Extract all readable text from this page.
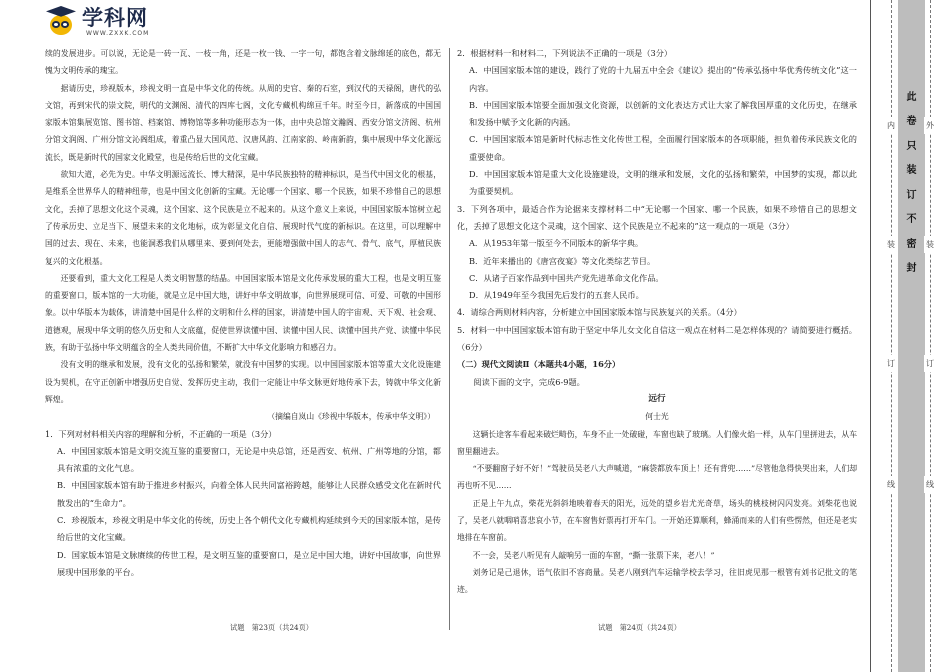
学科网
WWW.ZXXK.COM

续的发展进步。可以说，无论是一砖一瓦、一枝一角，还是一枚一钱、一字一句，都饱含着文脉绵延的底色，都无愧为文明传承的瑰宝。

据请历史，珍视版本，珍视文明一直是中华文化的传统。从周的史官、秦的石室，到汉代的天禄阁，唐代的弘文馆，再到宋代的崇文院，明代的文渊阁、清代的四库七阁，文化专藏机构绵亘千年。时至今日，新落成的中国国家版本馆集展览馆、图书馆、档案馆、博物馆等多种功能形态为一体，由中央总馆文瀚阁、西安分馆文济阁、杭州分馆文润阁、广州分馆文沁阁组成，着重凸显大国风范、汉唐风韵、江南家韵、岭南新韵，集中展现中华文化源远流长，既是新时代的国家文化殿堂，也是传给后世的文化宝藏。

欲知大道，必先为史。中华文明源远流长、博大精深，是中华民族独特的精神标识，是当代中国文化的根基，是维系全世界华人的精神纽带，也是中国文化创新的宝藏。无论哪一个国家、哪一个民族，如果不珍惜自己的思想文化，丢掉了思想文化这个灵魂，这个国家、这个民族是立不起来的。从这个意义上来说，中国国家版本馆树立起了传承历史、立足当下、展望未来的文化地标，成为彰显文化自信、展现时代气度的新标识。在这里，可以理解中国的过去、现在、未来，也能洞悉我们从哪里来、要到何处去，更能增强做中国人的志气、骨气、底气，厚植民族复兴的文化根基。

还要看到，重大文化工程是人类文明智慧的结晶。中国国家版本馆是文化传承发展的重大工程，也是文明互鉴的重要窗口，版本馆的一大功能，就是立足中国大地，讲好中华文明故事，向世界展现可信、可爱、可敬的中国形象。以中华版本为载体，讲清楚中国是什么样的文明和什么样的国家，讲清楚中国人的宇宙观、天下观、社会观、道德观，展现中华文明的悠久历史和人文底蕴，促使世界读懂中国、读懂中国人民、读懂中国共产党、读懂中华民族，有助于弘扬中华文明蕴含的全人类共同价值，不断扩大中华文化影响力和感召力。

没有文明的继承和发展，没有文化的弘扬和繁荣，就没有中国梦的实现。以中国国家版本馆等重大文化设施建设为契机，在守正创新中增强历史自觉、发挥历史主动，我们一定能让中华文脉更好地传承下去，铸就中华文化新辉煌。

（摘编自岚山《珍视中华版本，传承中华文明》）

1．下列对材料相关内容的理解和分析，不正确的一项是（3分）

A．中国国家版本馆是文明交流互鉴的重要窗口，无论是中央总馆，还是西安、杭州、广州等地的分馆，都具有浓重的文化气息。

B．中国国家版本馆有助于推进乡村振兴，向着全体人民共同富裕跨越，能够让人民群众感受文化在新时代散发出的“生命力”。

C．珍视版本，珍视文明是中华文化的传统，历史上各个朝代文化专藏机构延续到今天的国家版本馆，是传给后世的文化宝藏。

D．国家版本馆是文脉赓续的传世工程，是文明互鉴的重要窗口，是立足中国大地，讲好中国故事，向世界展现中国形象的平台。

2．根据材料一和材料二，下列说法不正确的一项是（3分）

A．中国国家版本馆的建设，践行了党的十九届五中全会《建议》提出的“传承弘扬中华优秀传统文化”这一内容。

B．中国国家版本馆要全面加强文化资源，以创新的文化表达方式让大家了解我国厚重的文化历史，在继承和发扬中赋予文化新的内涵。

C．中国国家版本馆是新时代标志性文化传世工程，全面履行国家版本的各项职能，担负着传承民族文化的重要使命。

D．中国国家版本馆是重大文化设施建设，文明的继承和发展，文化的弘扬和繁荣，中国梦的实现，都以此为重要契机。

3．下列各项中，最适合作为论据来支撑材料二中“无论哪一个国家、哪一个民族，如果不珍惜自己的思想文化，丢掉了思想文化这个灵魂，这个国家、这个民族是立不起来的”这一观点的一项是（3分）

A．从1953年第一版至今不同版本的新华字典。

B．近年来播出的《唐宫夜宴》等文化类综艺节目。

C．从诸子百家作品到中国共产党先进革命文化作品。

D．从1949年至今我国先后发行的五套人民币。

4．请综合两则材料内容，分析建立中国国家版本馆与民族复兴的关系。（4分）

5．材料一中中国国家版本馆有助于坚定中华儿女文化自信这一观点在材料二是怎样体现的？请简要进行概括。（6分）

（二）现代文阅读Ⅱ（本题共4小题，16分）

阅读下面的文字，完成6-9题。

远行

何士光

这辆长途客车看起来破烂畸伤，车身不止一处破碰，车窗也缺了玻璃。人们像火焰一样，从车门里拼进去，从车窗里翻进去。

“不要翻窗子好不好！”驾驶员吴老八大声喊道，“麻袋都放车顶上！还有背兜……”尽管他急得快哭出来，人们却再也听不见……

正是上午九点，柴花光斜斜地映着春天的阳光，远处的望乡岩尤光奇草，场头的桃枝树闪闪发亮。刘柴花也说了，吴老八就咽哨喜悲哀小节，在车窗售好票再打开车门。一开始还算顺利，蜂涌而来的人们有些愣然，但还是老实地排在车窗前。

不一会，吴老八听见有人敲响另一面的车窗，“撕一张票下来，老八！”

刘务记是己退休，语气依旧不容商量。吴老八刚到汽车运输学校去学习，往旧虎见那一根管有刘书记批文的笔迹。

试题　第23页（共24页）	试题　第24页（共24页）
内
装
订
线
此
卷
只
装
订
不
密
封
外
装
订
线
